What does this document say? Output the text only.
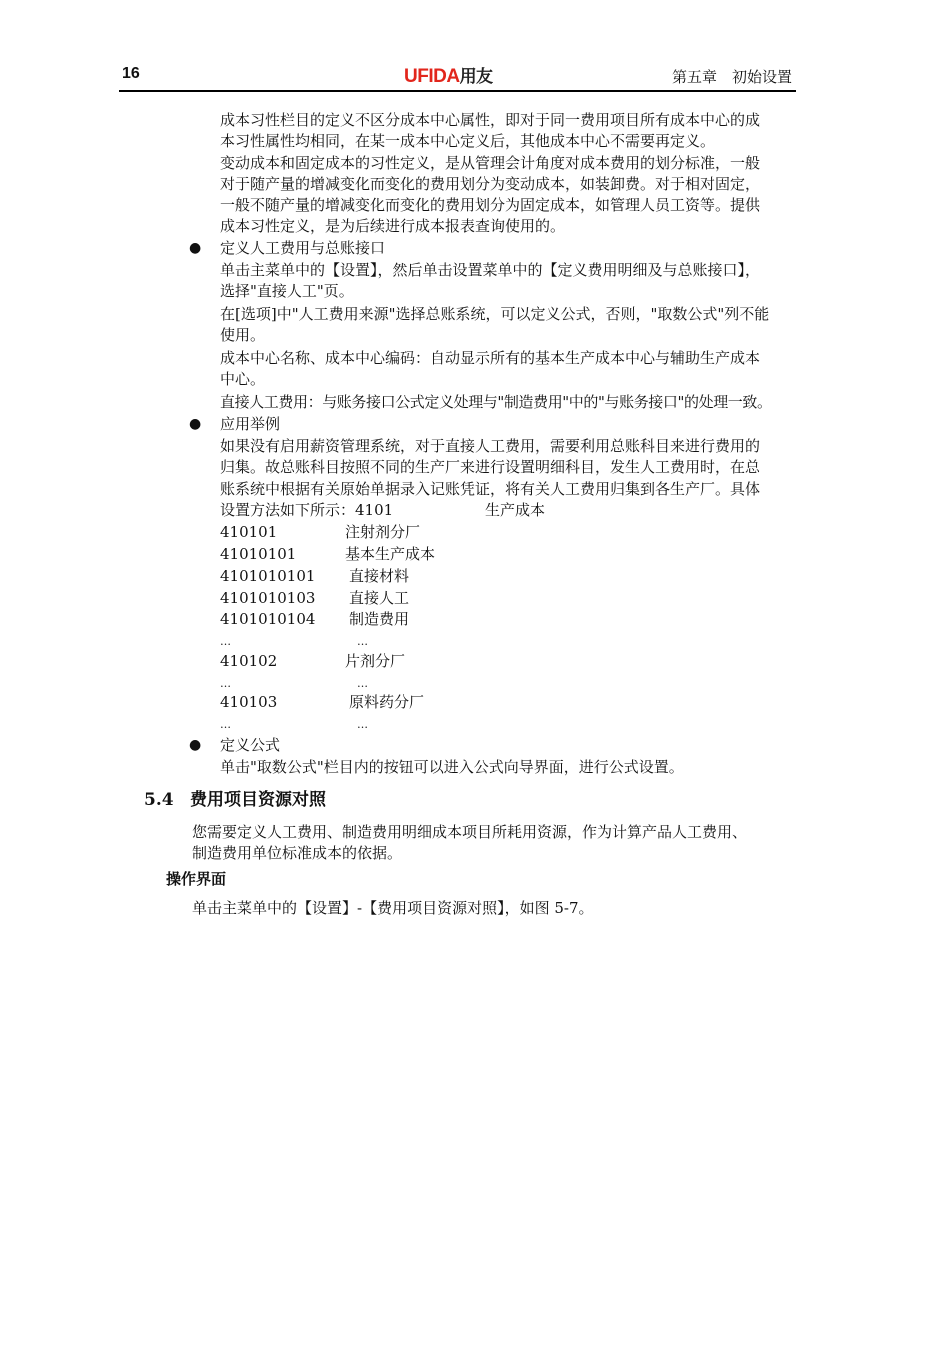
16	UFIDA用友	第五章　初始设置
成本习性栏目的定义不区分成本中心属性，即对于同一费用项目所有成本中心的成
本习性属性均相同，在某一成本中心定义后，其他成本中心不需要再定义。
变动成本和固定成本的习性定义，是从管理会计角度对成本费用的划分标准，一般
对于随产量的增减变化而变化的费用划分为变动成本，如装卸费。对于相对固定，
一般不随产量的增减变化而变化的费用划分为固定成本，如管理人员工资等。提供
成本习性定义，是为后续进行成本报表查询使用的。
● 定义人工费用与总账接口
单击主菜单中的【设置】，然后单击设置菜单中的【定义费用明细及与总账接口】，
选择"直接人工"页。
在[选项]中"人工费用来源"选择总账系统，可以定义公式，否则，"取数公式"列不能
使用。
成本中心名称、成本中心编码：自动显示所有的基本生产成本中心与辅助生产成本
中心。
直接人工费用：与账务接口公式定义处理与"制造费用"中的"与账务接口"的处理一致。
● 应用举例
如果没有启用薪资管理系统，对于直接人工费用，需要利用总账科目来进行费用的
归集。故总账科目按照不同的生产厂来进行设置明细科目，发生人工费用时，在总
账系统中根据有关原始单据录入记账凭证，将有关人工费用归集到各生产厂。具体
设置方法如下所示：4101	生产成本
410101	注射剂分厂
41010101	基本生产成本
4101010101 直接材料
4101010103 直接人工
4101010104 制造费用
…	…
410102	片剂分厂
…	…
410103	原料药分厂
…	…
● 定义公式
单击"取数公式"栏目内的按钮可以进入公式向导界面，进行公式设置。
5.4 费用项目资源对照
您需要定义人工费用、制造费用明细成本项目所耗用资源，作为计算产品人工费用、
制造费用单位标准成本的依据。
操作界面
单击主菜单中的【设置】-【费用项目资源对照】，如图 5-7。
